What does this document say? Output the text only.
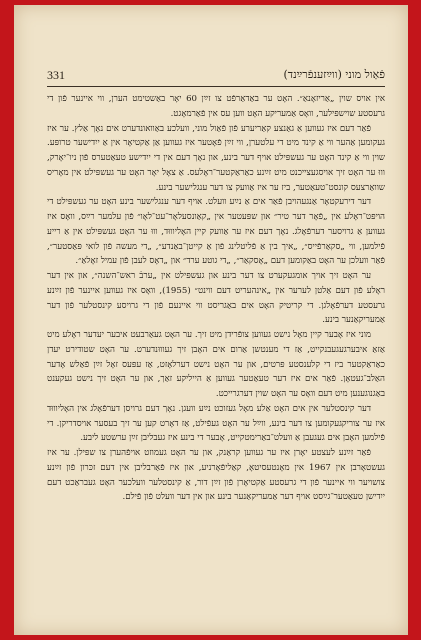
331	פֿאַול מוני (ווײַזענפֿרײַנד)

אין אויס שוין „אַריזאָנאַ״. האָט ער באַדאַרפֿט צו זײַן 60 יאָר באַשטימט הערן, ווי איינער פֿון די גרעסטע שוישפּילער, וואָס אַמעריקע האָט ווען עס אין פֿאַרמאָגט.

פֿאַר דעם איז געווען אַ גאַנצע קאַריערע פֿון פֿאַול מוני, וועלכע באַוואונדערט אים נאָך אַלץ. ער איז געקומען אַהער ווי אַ קינד מיט די עלטערן, ווי זײַן פֿאָטער איז געווען אַן אַקטיאָר אין אַ ייִדישער טרופּע. שוין ווי אַ קינד האָט ער געשפּילט אויף דער בינע, און נאָך דעם אין די ייִדישע טעאַטערס פֿון ניו־יאָרק, וווּ ער האָט זיך אויסגעצייכנט מיט זײַנע כאַראַקטער־ראָלעס. אַ צאָל יאָר האָט ער געשפּילט אין מאָריס שוואַרצעס קונסט־טעאַטער, ביז ער איז אַוועק צו דער ענגלישער בינע.

דער דירעקטאָר אַנגעהויבן פֿאַר אים אַ נײַע וועלט. אויף דער ענגלישער בינע האָט ער געשפּילט די הויפּט־ראָלע אין „פֿאָר דער טיר״ און שפּעטער אין „קאַונסעלאָר־עט־לאָו״ פֿון עלמער רײַס, וואָס איז געווען אַ גרויסער דערפֿאָלג. נאָך דעם איז ער אַוועק קיין האָליוווּד, וווּ ער האָט געשפּילט אין אַ רייע פֿילמען, ווי „סקאַרפֿייס״, „איך בין אַ פֿליטלינג פֿון אַ קייטן־באַנדע״, „די מעשה פֿון לואי פּאַסטער״, פֿאַר וועלכן ער האָט באַקומען דעם „אָסקאַר״, „די גוטע ערד״ און „דאָס לעבן פֿון עמיל זאָלאַ״.

ער האָט זיך אויך אומגעקערט צו דער בינע און געשפּילט אין „ערבֿ ראש־השנה״, און אין דער ראָלע פֿון דעם אַלטן לערער אין „אינהעריט דעם ווינט״ (1955), וואָס איז געווען איינער פֿון זײַנע גרעסטע דערפֿאָלגן. די קריטיק האָט אים באַגריסט ווי איינעם פֿון די גרויסע קינסטלער פֿון דער אַמעריקאַנער בינע.

מוני איז אָבער קיין מאָל נישט געווען צופֿרידן מיט זיך. ער האָט געאַרבעט איבער יעדער ראָלע מיט אַזאַ איבערגעגעבנקייט, אַז די מענטשן אַרום אים האָבן זיך געוווּנדערט. ער האָט שטודירט יעדן כאַראַקטער ביז די קלענסטע פּרטים, און ער האָט נישט דערלאָזט, אַז עפּעס זאָל זײַן פֿאַלש אָדער האַלב־געטאָן. פֿאַר אים איז דער טעאַטער געווען אַ הייליקע זאַך, און ער האָט זיך נישט געקענט באַגנוגענען מיט דעם וואָס ער האָט שוין דערגרייכט.

דער קינסטלער אין אים האָט אַלע מאָל געזוכט נײַע וועגן. נאָך דעם גרויסן דערפֿאָלג אין האָליוווּד איז ער צוריקגעקומען צו דער בינע, ווײַל ער האָט געפֿילט, אַז דאָרט קען ער זיך בעסער אויסדריקן. די פֿילמען האָבן אים געגעבן אַ וועלט־באַרימטקייט, אָבער די בינע איז געבליבן זײַן ערשטע ליבע.

פֿאַר זײַנע לעצטע יאָרן איז ער געווען קראַנק, און ער האָט געמוזט אויפֿהערן צו שפּילן. ער איז געשטאָרבן אין 1967 אין מאָנטעסיטאָ, קאַליפֿאָרניע, און איז פֿאַרבליבן אין דעם זכּרון פֿון זײַנע צושויער ווי איינער פֿון די גרעסטע אַקטיאָרן פֿון זײַן דור, אַ קינסטלער וועלכער האָט געבראַכט דעם ייִדישן טעאַטער־גײַסט אויף דער אַמעריקאַנער בינע און אין דער וועלט פֿון פֿילם.
